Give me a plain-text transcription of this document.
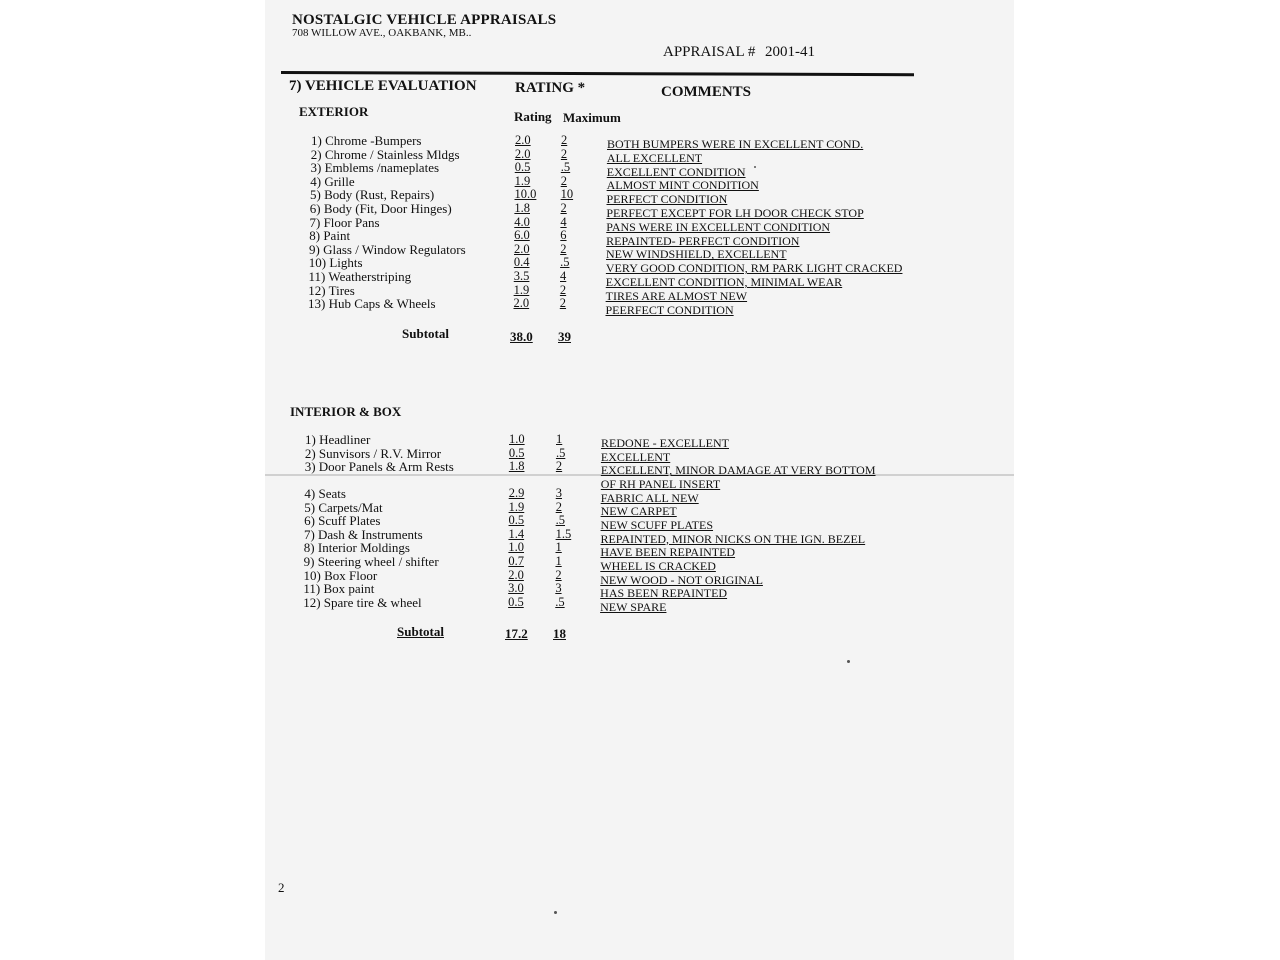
NOSTALGIC VEHICLE APPRAISALS
708 WILLOW AVE., OAKBANK, MB..
APPRAISAL # 2001-41
7) VEHICLE EVALUATION	RATING *	COMMENTS
EXTERIOR	Rating Maximum
1) Chrome -Bumpers	2.0 2	BOTH BUMPERS WERE IN EXCELLENT COND.
2) Chrome / Stainless Mldgs	2.0 2	ALL EXCELLENT
3) Emblems /nameplates	0.5 .5	EXCELLENT CONDITION
4) Grille	1.9 2	ALMOST MINT CONDITION
5) Body (Rust, Repairs)	10.0 10	PERFECT CONDITION
6) Body (Fit, Door Hinges)	1.8 2	PERFECT EXCEPT FOR LH DOOR CHECK STOP
7) Floor Pans	4.0 4	PANS WERE IN EXCELLENT CONDITION
8) Paint	6.0 6	REPAINTED- PERFECT CONDITION
9) Glass / Window Regulators	2.0 2	NEW WINDSHIELD, EXCELLENT
10) Lights	0.4 .5	VERY GOOD CONDITION, RM PARK LIGHT CRACKED
11) Weatherstriping	3.5 4	EXCELLENT CONDITION, MINIMAL WEAR
12) Tires	1.9 2	TIRES ARE ALMOST NEW
13) Hub Caps & Wheels	2.0 2	PEERFECT CONDITION
Subtotal	38.0 39
INTERIOR & BOX
1) Headliner	1.0	1	REDONE - EXCELLENT
2) Sunvisors / R.V. Mirror	0.5	.5	EXCELLENT
3) Door Panels & Arm Rests	1.8	2	EXCELLENT, MINOR DAMAGE AT VERY BOTTOM
OF RH PANEL INSERT
4) Seats	2.9	3	FABRIC ALL NEW
5) Carpets/Mat	1.9	2	NEW CARPET
6) Scuff Plates	0.5	.5	NEW SCUFF PLATES
7) Dash & Instruments	1.4	1.5 REPAINTED, MINOR NICKS ON THE IGN. BEZEL
8) Interior Moldings	1.0	1	HAVE BEEN REPAINTED
9) Steering wheel / shifter	0.7	1	WHEEL IS CRACKED
10) Box Floor	2.0	2	NEW WOOD - NOT ORIGINAL
11) Box paint	3.0	3	HAS BEEN REPAINTED
12) Spare tire & wheel	0.5	.5	NEW SPARE
Subtotal	17.2 18
2
